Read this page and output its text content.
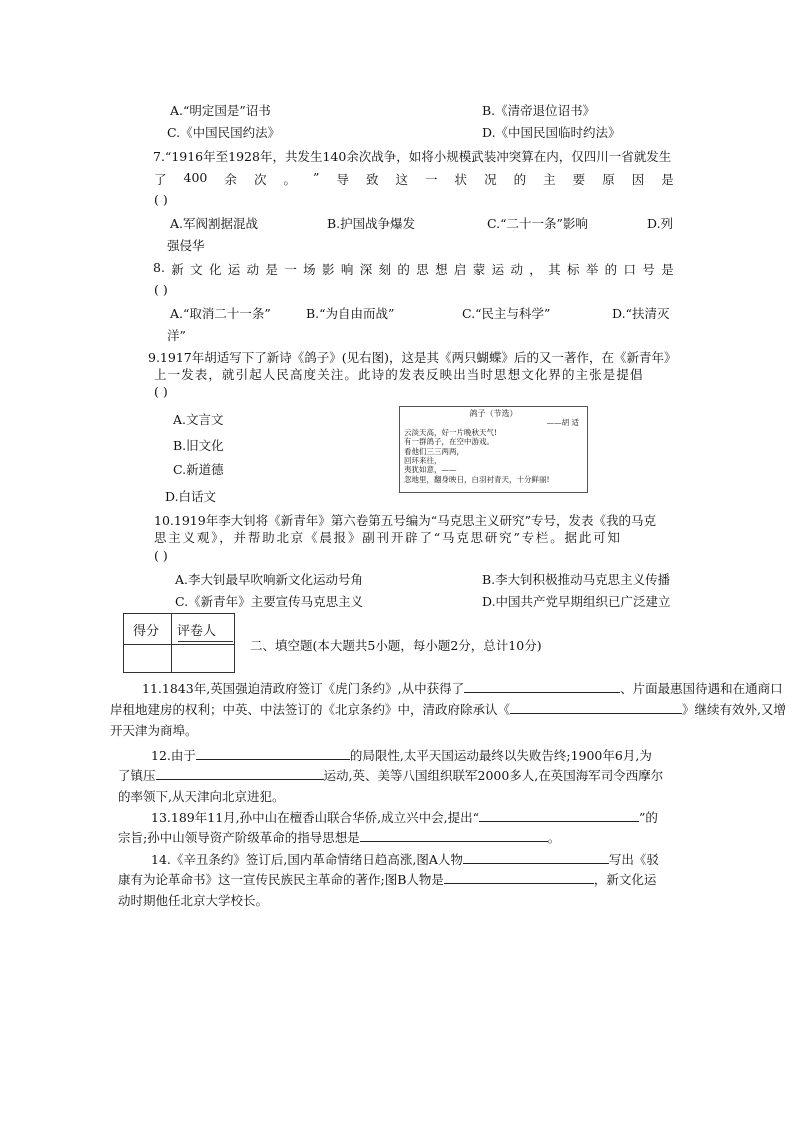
A.“明定国是”诏书	B.《清帝退位诏书》
C.《中国民国约法》	D.《中国民国临时约法》
7.“1916年至1928年，共发生140余次战争，如将小规模武装冲突算在内，仅四川一省就发生
了 400 余 次 。 ” 导 致 这 一 状 况 的 主 要 原 因 是
( )
A.军阀割据混战	B.护国战争爆发	C.“二十一条”影响	D.列
强侵华
8. 新 文 化 运 动 是 一 场 影 响 深 刻 的 思 想 启 蒙 运 动 ， 其 标 举 的 口 号 是
( )
A.“取消二十一条”	B.“为自由而战”	C.“民主与科学”	D.“扶清灭
洋”
9.1917年胡适写下了新诗《鸽子》(见右图)，这是其《两只蝴蝶》后的又一著作，在《新青年》
上一发表，就引起人民高度关注。此诗的发表反映出当时思想文化界的主张是提倡
( )
A.文言文
B.旧文化
C.新道德
D.白话文
鸽子（节选）
——胡 适
云淡天高，好一片晚秋天气!
有一群鸽子，在空中游戏。
看他们三三两两，
回环来往，
夷犹如意，——
忽地里，翻身映日，白羽衬青天，十分鲜丽!
10.1919年李大钊将《新青年》第六卷第五号编为“马克思主义研究”专号，发表《我的马克
思主义观》，并帮助北京《晨报》副刊开辟了“马克思研究”专栏。据此可知
( )
A.李大钊最早吹响新文化运动号角	B.李大钊积极推动马克思主义传播
C.《新青年》主要宣传马克思主义	D.中国共产党早期组织已广泛建立
得分 评卷人
二、填空题(本大题共5小题，每小题2分，总计10分)
11.1843年,英国强迫清政府签订《虎门条约》,从中获得了	、片面最惠国待遇和在通商口
岸租地建房的权利；中英、中法签订的《北京条约》中，清政府除承认《	》继续有效外,又增
开天津为商埠。
12.由于	的局限性,太平天国运动最终以失败告终;1900年6月,为
了镇压	运动,英、美等八国组织联军2000多人,在英国海军司令西摩尔
的率领下,从天津向北京进犯。
13.189年11月,孙中山在檀香山联合华侨,成立兴中会,提出“	”的
宗旨;孙中山领导资产阶级革命的指导思想是	。
14.《辛丑条约》签订后,国内革命情绪日趋高涨,图A人物	写出《驳
康有为论革命书》这一宣传民族民主革命的著作;图B人物是	，新文化运
动时期他任北京大学校长。
